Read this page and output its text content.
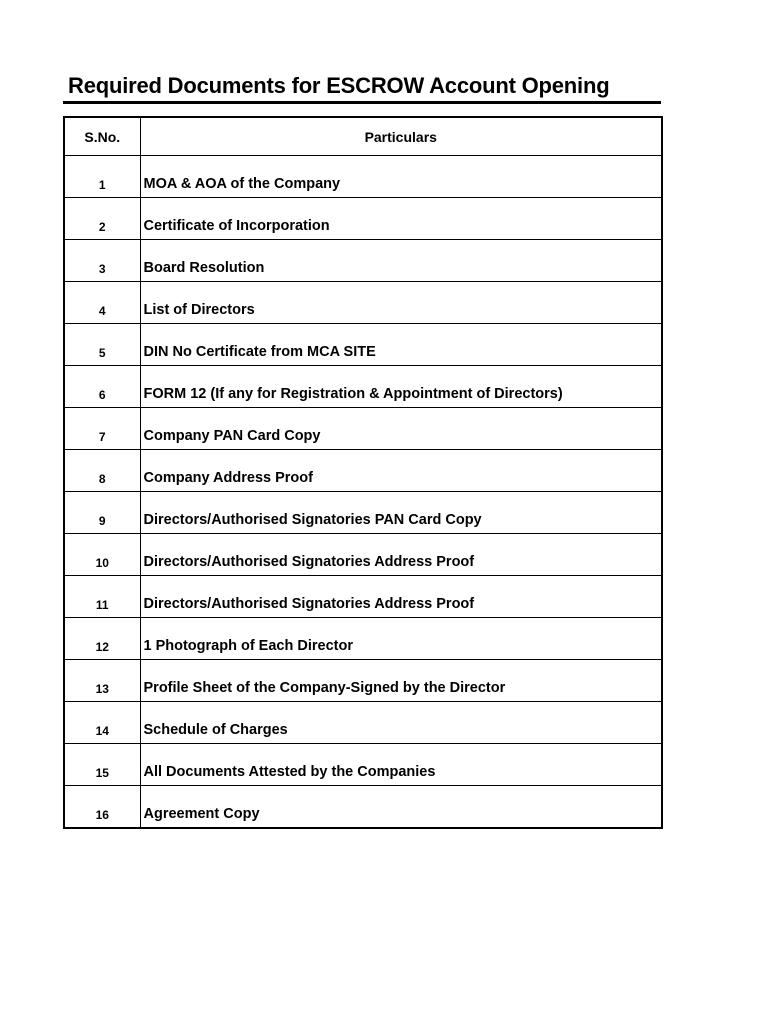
Required Documents for ESCROW Account Opening
S.No.	Particulars
1	MOA & AOA of the Company
2	Certificate of Incorporation
3	Board Resolution
4	List of Directors
5	DIN No Certificate from MCA SITE
6	FORM 12 (If any for Registration & Appointment of Directors)
7	Company PAN Card Copy
8	Company Address Proof
9	Directors/Authorised Signatories PAN Card Copy
10	Directors/Authorised Signatories Address Proof
11	Directors/Authorised Signatories Address Proof
12	1 Photograph of Each Director
13	Profile Sheet of the Company-Signed by the Director
14	Schedule of Charges
15	All Documents Attested by the Companies
16	Agreement Copy
